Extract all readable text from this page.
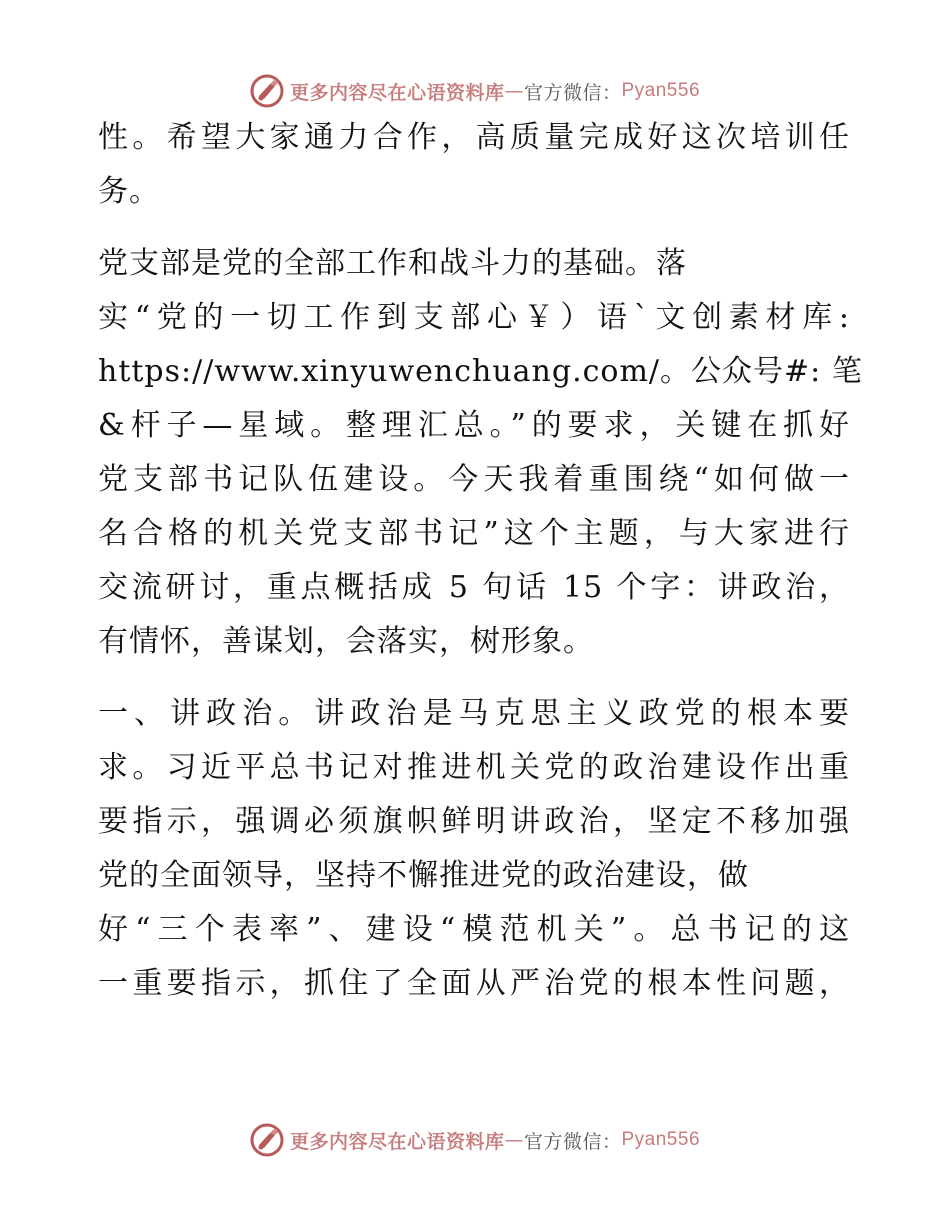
更多内容尽在心语资料库 — 官方微信： Pyan556
性。希望大家通力合作，高质量完成好这次培训任
务。
党支部是党的全部工作和战斗力的基础。落
实“党的一切工作到支部心￥）语`文创素材库:
https://www.xinyuwenchuang.com/。公众号#: 笔
&杆子—星域。整理汇总。”的要求，关键在抓好
党支部书记队伍建设。今天我着重围绕“如何做一
名合格的机关党支部书记”这个主题，与大家进行
交流研讨，重点概括成 5 句话 15 个字：讲政治，
有情怀，善谋划，会落实，树形象。
一、讲政治。讲政治是马克思主义政党的根本要
求。习近平总书记对推进机关党的政治建设作出重
要指示，强调必须旗帜鲜明讲政治，坚定不移加强
党的全面领导，坚持不懈推进党的政治建设，做
好“三个表率”、建设“模范机关”。总书记的这
一重要指示，抓住了全面从严治党的根本性问题，
更多内容尽在心语资料库 — 官方微信： Pyan556
